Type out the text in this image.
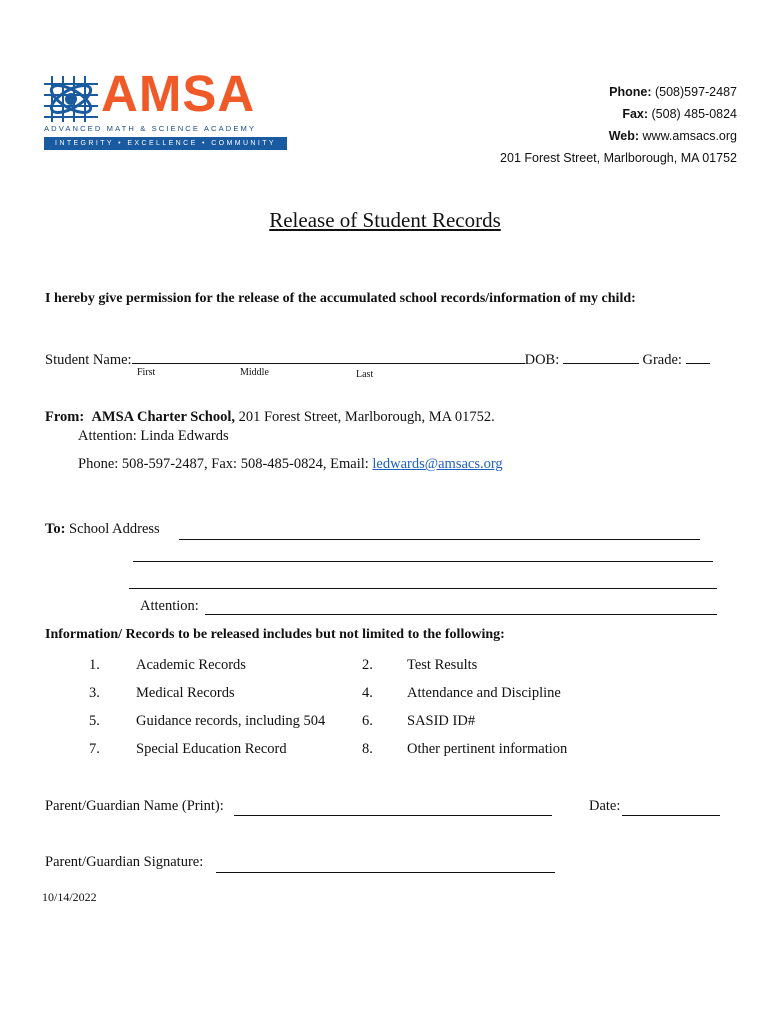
AMSA
ADVANCED MATH & SCIENCE ACADEMY
INTEGRITY • EXCELLENCE • COMMUNITY
Phone: (508)597-2487
Fax: (508) 485-0824
Web: www.amsacs.org
201 Forest Street, Marlborough, MA 01752
Release of Student Records
I hereby give permission for the release of the accumulated school records/information of my child:
Student Name:	DOB:	Grade:
First	Middle	Last
From: AMSA Charter School, 201 Forest Street, Marlborough, MA 01752.
Attention: Linda Edwards
Phone: 508-597-2487, Fax: 508-485-0824, Email: ledwards@amsacs.org
To: School Address
Attention:
Information/ Records to be released includes but not limited to the following:
1. Academic Records	2. Test Results
3. Medical Records	4. Attendance and Discipline
5. Guidance records, including 504	6. SASID ID#
7. Special Education Record	8. Other pertinent information
Parent/Guardian Name (Print):	Date:
Parent/Guardian Signature:
10/14/2022
